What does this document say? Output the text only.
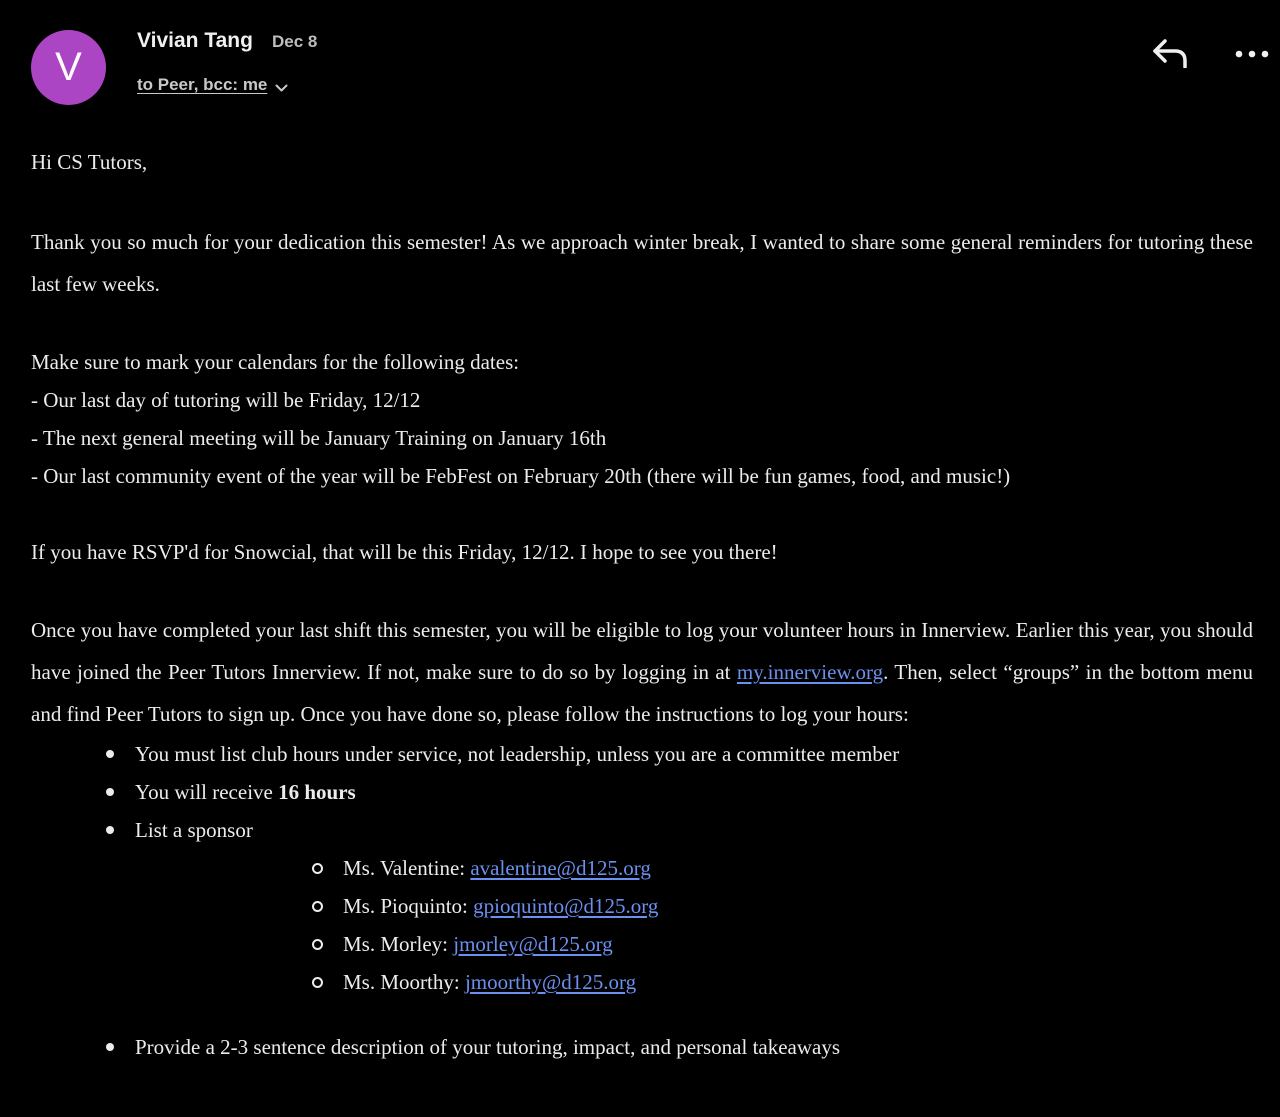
V
Vivian Tang Dec 8
to Peer, bcc: me

Hi CS Tutors,

Thank you so much for your dedication this semester! As we approach winter break, I wanted to share some general reminders for tutoring these last few weeks.

Make sure to mark your calendars for the following dates:

- Our last day of tutoring will be Friday, 12/12

- The next general meeting will be January Training on January 16th

- Our last community event of the year will be FebFest on February 20th (there will be fun games, food, and music!)

If you have RSVP'd for Snowcial, that will be this Friday, 12/12. I hope to see you there!

Once you have completed your last shift this semester, you will be eligible to log your volunteer hours in Innerview. Earlier this year, you should have joined the Peer Tutors Innerview. If not, make sure to do so by logging in at my.innerview.org. Then, select “groups” in the bottom menu and find Peer Tutors to sign up. Once you have done so, please follow the instructions to log your hours:

You must list club hours under service, not leadership, unless you are a committee member
You will receive 16 hours
List a sponsor
Ms. Valentine: avalentine@d125.org
Ms. Pioquinto: gpioquinto@d125.org
Ms. Morley: jmorley@d125.org
Ms. Moorthy: jmoorthy@d125.org
Provide a 2-3 sentence description of your tutoring, impact, and personal takeaways
